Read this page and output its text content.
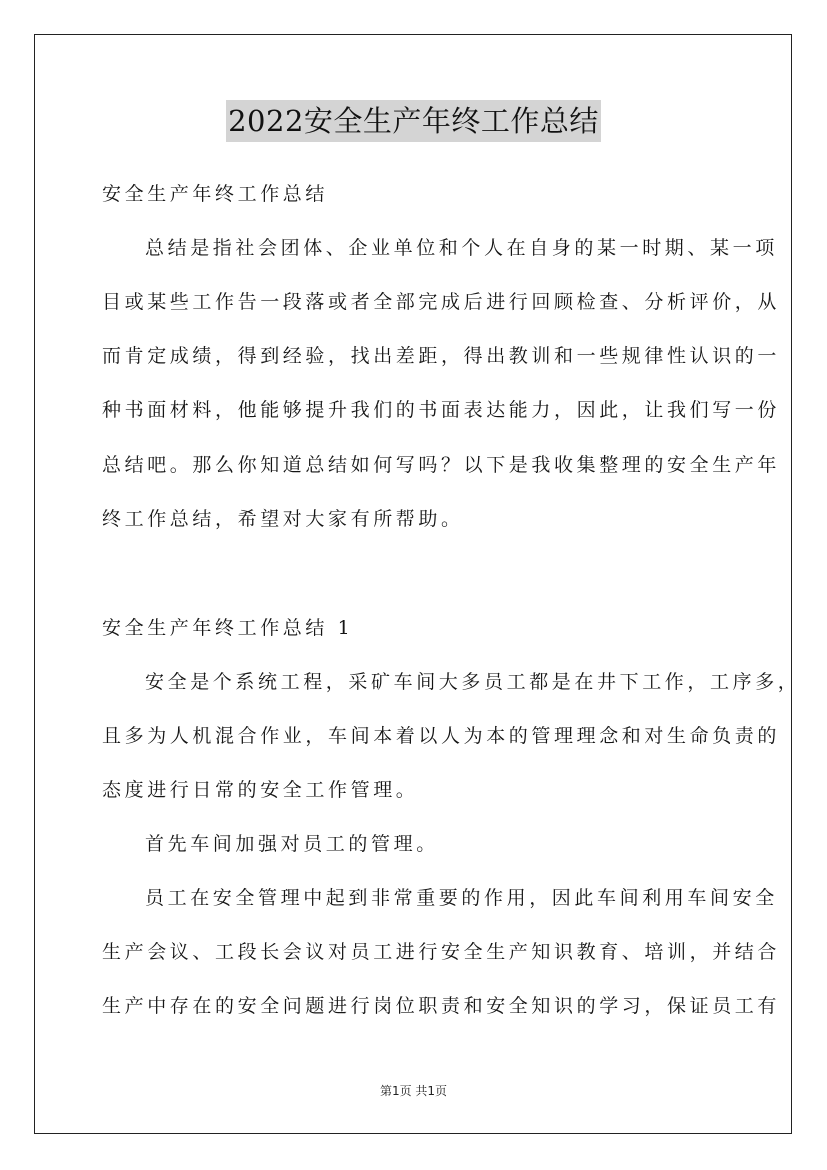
2022安全生产年终工作总结
安全生产年终工作总结
总结是指社会团体、企业单位和个人在自身的某一时期、某一项
目或某些工作告一段落或者全部完成后进行回顾检查、分析评价，从
而肯定成绩，得到经验，找出差距，得出教训和一些规律性认识的一
种书面材料，他能够提升我们的书面表达能力，因此，让我们写一份
总结吧。那么你知道总结如何写吗？以下是我收集整理的安全生产年
终工作总结，希望对大家有所帮助。
安全生产年终工作总结 1
安全是个系统工程，采矿车间大多员工都是在井下工作，工序多，
且多为人机混合作业，车间本着以人为本的管理理念和对生命负责的
态度进行日常的安全工作管理。
首先车间加强对员工的管理。
员工在安全管理中起到非常重要的作用，因此车间利用车间安全
生产会议、工段长会议对员工进行安全生产知识教育、培训，并结合
生产中存在的安全问题进行岗位职责和安全知识的学习，保证员工有
第1页 共1页
